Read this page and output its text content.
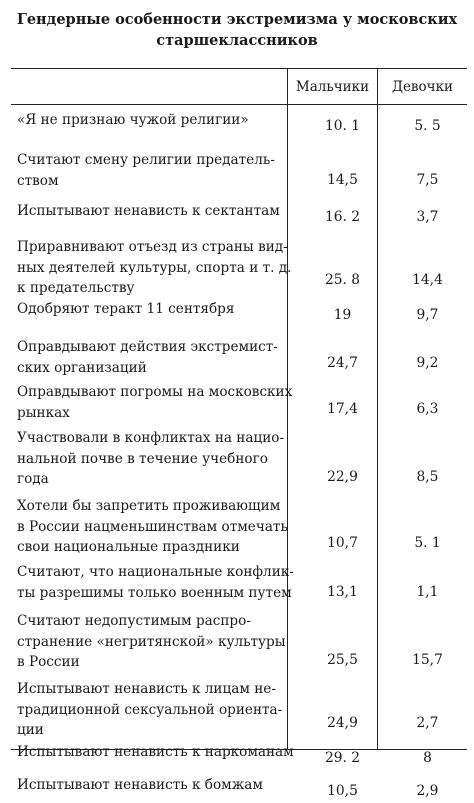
Гендерные особенности экстремизма у московских
старшеклассников
Мальчики	Девочки
«Я не признаю чужой религии»	10. 1	5. 5
Считают смену религии предатель-
ством	14,5	7,5
Испытывают ненависть к сектантам	16. 2	3,7
Приравнивают отъезд из страны вид-
ных деятелей культуры, спорта и т. д.
к предательству	25. 8	14,4
Одобряют теракт 11 сентября	19	9,7
Оправдывают действия экстремист-
ских организаций	24,7	9,2
Оправдывают погромы на московских
рынках	17,4	6,3
Участвовали в конфликтах на нацио-
нальной почве в течение учебного
года	22,9	8,5
Хотели бы запретить проживающим
в России нацменьшинствам отмечать
свои национальные праздники	10,7	5. 1
Считают, что национальные конфлик-
ты разрешимы только военным путем	13,1	1,1
Считают недопустимым распро-
странение «негритянской» культуры
в России	25,5	15,7
Испытывают ненависть к лицам не-
традиционной сексуальной ориента-
ции	24,9	2,7
Испытывают ненависть к наркоманам	29. 2	8
Испытывают ненависть к бомжам	10,5	2,9
